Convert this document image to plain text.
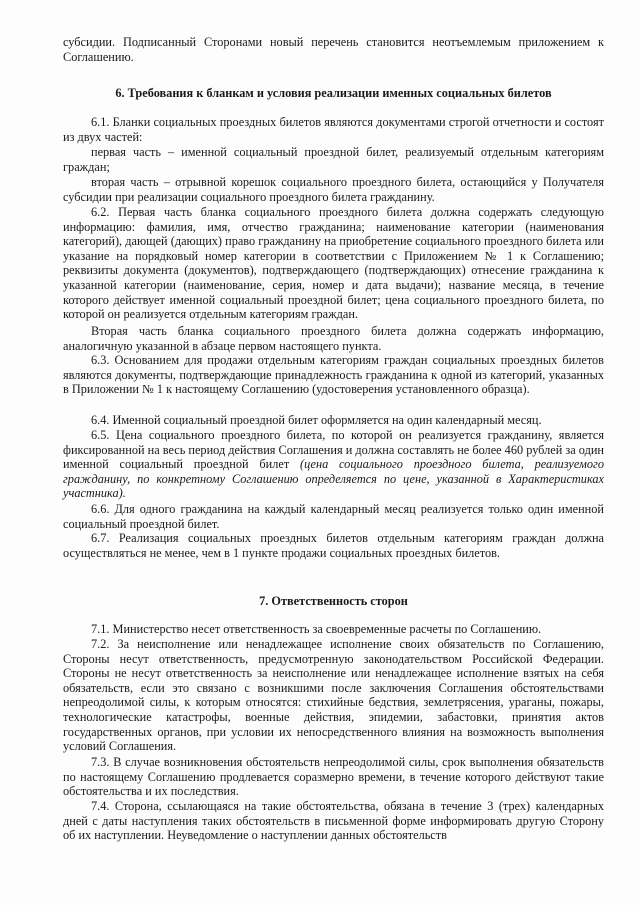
субсидии. Подписанный Сторонами новый перечень становится неотъемлемым приложением к Соглашению.

6. Требования к бланкам и условия реализации именных социальных билетов

6.1. Бланки социальных проездных билетов являются документами строгой отчетности и состоят из двух частей:

первая часть – именной социальный проездной билет, реализуемый отдельным категориям граждан;

вторая часть – отрывной корешок социального проездного билета, остающийся у Получателя субсидии при реализации социального проездного билета гражданину.

6.2. Первая часть бланка социального проездного билета должна содержать следующую информацию: фамилия, имя, отчество гражданина; наименование категории (наименования категорий), дающей (дающих) право гражданину на приобретение социального проездного билета или указание на порядковый номер категории в соответствии с Приложением № 1 к Соглашению; реквизиты документа (документов), подтверждающего (подтверждающих) отнесение гражданина к указанной категории (наименование, серия, номер и дата выдачи); название месяца, в течение которого действует именной социальный проездной билет; цена социального проездного билета, по которой он реализуется отдельным категориям граждан.

Вторая часть бланка социального проездного билета должна содержать информацию, аналогичную указанной в абзаце первом настоящего пункта.

6.3. Основанием для продажи отдельным категориям граждан социальных проездных билетов являются документы, подтверждающие принадлежность гражданина к одной из категорий, указанных в Приложении № 1 к настоящему Соглашению (удостоверения установленного образца).

6.4. Именной социальный проездной билет оформляется на один календарный месяц.

6.5. Цена социального проездного билета, по которой он реализуется гражданину, является фиксированной на весь период действия Соглашения и должна составлять не более 460 рублей за один именной социальный проездной билет (цена социального проездного билета, реализуемого гражданину, по конкретному Соглашению определяется по цене, указанной в Характеристиках участника).

6.6. Для одного гражданина на каждый календарный месяц реализуется только один именной социальный проездной билет.

6.7. Реализация социальных проездных билетов отдельным категориям граждан должна осуществляться не менее, чем в 1 пункте продажи социальных проездных билетов.

7. Ответственность сторон

7.1. Министерство несет ответственность за своевременные расчеты по Соглашению.

7.2. За неисполнение или ненадлежащее исполнение своих обязательств по Соглашению, Стороны несут ответственность, предусмотренную законодательством Российской Федерации. Стороны не несут ответственность за неисполнение или ненадлежащее исполнение взятых на себя обязательств, если это связано с возникшими после заключения Соглашения обстоятельствами непреодолимой силы, к которым относятся: стихийные бедствия, землетрясения, ураганы, пожары, технологические катастрофы, военные действия, эпидемии, забастовки, принятия актов государственных органов, при условии их непосредственного влияния на возможность выполнения условий Соглашения.

7.3. В случае возникновения обстоятельств непреодолимой силы, срок выполнения обязательств по настоящему Соглашению продлевается соразмерно времени, в течение которого действуют такие обстоятельства и их последствия.

7.4. Сторона, ссылающаяся на такие обстоятельства, обязана в течение 3 (трех) календарных дней с даты наступления таких обстоятельств в письменной форме информировать другую Сторону об их наступлении. Неуведомление о наступлении данных обстоятельств
